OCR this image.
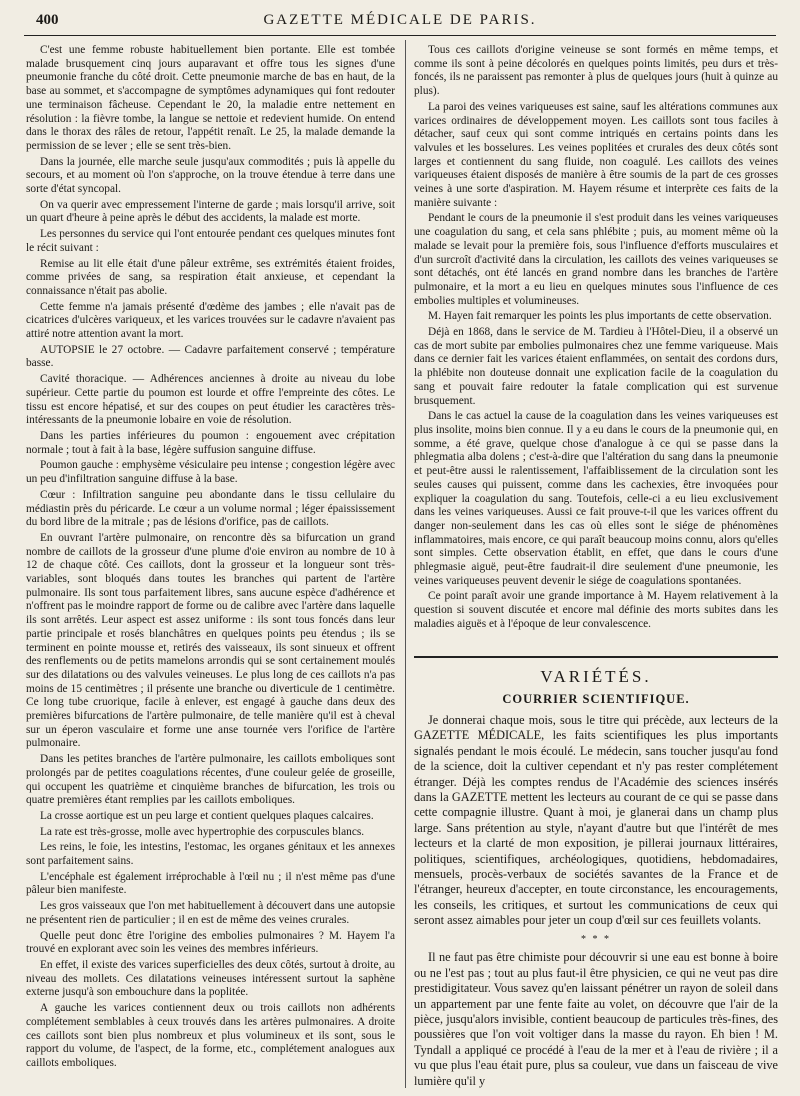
400	GAZETTE MÉDICALE DE PARIS.

C'est une femme robuste habituellement bien portante. Elle est tombée malade brusquement cinq jours auparavant et offre tous les signes d'une pneumonie franche du côté droit. Cette pneumonie marche de bas en haut, de la base au sommet, et s'accompagne de symptômes adynamiques qui font redouter une terminaison fâcheuse. Cependant le 20, la maladie entre nettement en résolution : la fièvre tombe, la langue se nettoie et redevient humide. On entend dans le thorax des râles de retour, l'appétit renaît. Le 25, la malade demande la permission de se lever ; elle se sent très-bien.

Dans la journée, elle marche seule jusqu'aux commodités ; puis là appelle du secours, et au moment où l'on s'approche, on la trouve étendue à terre dans une sorte d'état syncopal.

On va querir avec empressement l'interne de garde ; mais lorsqu'il arrive, soit un quart d'heure à peine après le début des accidents, la malade est morte.

Les personnes du service qui l'ont entourée pendant ces quelques minutes font le récit suivant :

Remise au lit elle était d'une pâleur extrême, ses extrémités étaient froides, comme privées de sang, sa respiration était anxieuse, et cependant la connaissance n'était pas abolie.

Cette femme n'a jamais présenté d'œdème des jambes ; elle n'avait pas de cicatrices d'ulcères variqueux, et les varices trouvées sur le cadavre n'avaient pas attiré notre attention avant la mort.

AUTOPSIE le 27 octobre. — Cadavre parfaitement conservé ; température basse.

Cavité thoracique. — Adhérences anciennes à droite au niveau du lobe supérieur. Cette partie du poumon est lourde et offre l'empreinte des côtes. Le tissu est encore hépatisé, et sur des coupes on peut étudier les caractères très-intéressants de la pneumonie lobaire en voie de résolution.

Dans les parties inférieures du poumon : engouement avec crépitation normale ; tout à fait à la base, légère suffusion sanguine diffuse.

Poumon gauche : emphysème vésiculaire peu intense ; congestion légère avec un peu d'infiltration sanguine diffuse à la base.

Cœur : Infiltration sanguine peu abondante dans le tissu cellulaire du médiastin près du péricarde. Le cœur a un volume normal ; léger épaississement du bord libre de la mitrale ; pas de lésions d'orifice, pas de caillots.

En ouvrant l'artère pulmonaire, on rencontre dès sa bifurcation un grand nombre de caillots de la grosseur d'une plume d'oie environ au nombre de 10 à 12 de chaque côté. Ces caillots, dont la grosseur et la longueur sont très-variables, sont bloqués dans toutes les branches qui partent de l'artère pulmonaire. Ils sont tous parfaitement libres, sans aucune espèce d'adhérence et n'offrent pas le moindre rapport de forme ou de calibre avec l'artère dans laquelle ils sont arrêtés. Leur aspect est assez uniforme : ils sont tous foncés dans leur partie principale et rosés blanchâtres en quelques points peu étendus ; ils se terminent en pointe mousse et, retirés des vaisseaux, ils sont sinueux et offrent des renflements ou de petits mamelons arrondis qui se sont certainement moulés sur des dilatations ou des valvules veineuses. Le plus long de ces caillots n'a pas moins de 15 centimètres ; il présente une branche ou diverticule de 1 centimètre. Ce long tube cruorique, facile à enlever, est engagé à gauche dans deux des premières bifurcations de l'artère pulmonaire, de telle manière qu'il est à cheval sur un éperon vasculaire et forme une anse tournée vers l'orifice de l'artère pulmonaire.

Dans les petites branches de l'artère pulmonaire, les caillots emboliques sont prolongés par de petites coagulations récentes, d'une couleur gelée de groseille, qui occupent les quatrième et cinquième branches de bifurcation, les trois ou quatre premières étant remplies par les caillots emboliques.

La crosse aortique est un peu large et contient quelques plaques calcaires.

La rate est très-grosse, molle avec hypertrophie des corpuscules blancs.

Les reins, le foie, les intestins, l'estomac, les organes génitaux et les annexes sont parfaitement sains.

L'encéphale est également irréprochable à l'œil nu ; il n'est même pas d'une pâleur bien manifeste.

Les gros vaisseaux que l'on met habituellement à découvert dans une autopsie ne présentent rien de particulier ; il en est de même des veines crurales.

Quelle peut donc être l'origine des embolies pulmonaires ? M. Hayem l'a trouvé en explorant avec soin les veines des membres inférieurs.

En effet, il existe des varices superficielles des deux côtés, surtout à droite, au niveau des mollets. Ces dilatations veineuses intéressent surtout la saphène externe jusqu'à son embouchure dans la poplitée.

A gauche les varices contiennent deux ou trois caillots non adhérents complétement semblables à ceux trouvés dans les artères pulmonaires. A droite ces caillots sont bien plus nombreux et plus volumineux et ils sont, sous le rapport du volume, de l'aspect, de la forme, etc., complétement analogues aux caillots emboliques.

Tous ces caillots d'origine veineuse se sont formés en même temps, et comme ils sont à peine décolorés en quelques points limités, peu durs et très-foncés, ils ne paraissent pas remonter à plus de quelques jours (huit à quinze au plus).

La paroi des veines variqueuses est saine, sauf les altérations communes aux varices ordinaires de développement moyen. Les caillots sont tous faciles à détacher, sauf ceux qui sont comme intriqués en certains points dans les valvules et les bosselures. Les veines poplitées et crurales des deux côtés sont larges et contiennent du sang fluide, non coagulé. Les caillots des veines variqueuses étaient disposés de manière à être soumis de la part de ces grosses veines à une sorte d'aspiration. M. Hayem résume et interprète ces faits de la manière suivante :

Pendant le cours de la pneumonie il s'est produit dans les veines variqueuses une coagulation du sang, et cela sans phlébite ; puis, au moment même où la malade se levait pour la première fois, sous l'influence d'efforts musculaires et d'un surcroît d'activité dans la circulation, les caillots des veines variqueuses se sont détachés, ont été lancés en grand nombre dans les branches de l'artère pulmonaire, et la mort a eu lieu en quelques minutes sous l'influence de ces embolies multiples et volumineuses.

M. Hayen fait remarquer les points les plus importants de cette observation.

Déjà en 1868, dans le service de M. Tardieu à l'Hôtel-Dieu, il a observé un cas de mort subite par embolies pulmonaires chez une femme variqueuse. Mais dans ce dernier fait les varices étaient enflammées, on sentait des cordons durs, la phlébite non douteuse donnait une explication facile de la coagulation du sang et pouvait faire redouter la fatale complication qui est survenue brusquement.

Dans le cas actuel la cause de la coagulation dans les veines variqueuses est plus insolite, moins bien connue. Il y a eu dans le cours de la pneumonie qui, en somme, a été grave, quelque chose d'analogue à ce qui se passe dans la phlegmatia alba dolens ; c'est-à-dire que l'altération du sang dans la pneumonie et peut-être aussi le ralentissement, l'affaiblissement de la circulation sont les seules causes qui puissent, comme dans les cachexies, être invoquées pour expliquer la coagulation du sang. Toutefois, celle-ci a eu lieu exclusivement dans les veines variqueuses. Aussi ce fait prouve-t-il que les varices offrent du danger non-seulement dans les cas où elles sont le siége de phénomènes inflammatoires, mais encore, ce qui paraît beaucoup moins connu, alors qu'elles sont simples. Cette observation établit, en effet, que dans le cours d'une phlegmasie aiguë, peut-être faudrait-il dire seulement d'une pneumonie, les veines variqueuses peuvent devenir le siége de coagulations spontanées.

Ce point paraît avoir une grande importance à M. Hayem relativement à la question si souvent discutée et encore mal définie des morts subites dans les maladies aiguës et à l'époque de leur convalescence.

VARIÉTÉS.
COURRIER SCIENTIFIQUE.

Je donnerai chaque mois, sous le titre qui précède, aux lecteurs de la GAZETTE MÉDICALE, les faits scientifiques les plus importants signalés pendant le mois écoulé. Le médecin, sans toucher jusqu'au fond de la science, doit la cultiver cependant et n'y pas rester complétement étranger. Déjà les comptes rendus de l'Académie des sciences insérés dans la GAZETTE mettent les lecteurs au courant de ce qui se passe dans cette compagnie illustre. Quant à moi, je glanerai dans un champ plus large. Sans prétention au style, n'ayant d'autre but que l'intérêt de mes lecteurs et la clarté de mon exposition, je pillerai journaux littéraires, politiques, scientifiques, archéologiques, quotidiens, hebdomadaires, mensuels, procès-verbaux de sociétés savantes de la France et de l'étranger, heureux d'accepter, en toute circonstance, les encouragements, les conseils, les critiques, et surtout les communications de ceux qui seront assez aimables pour jeter un coup d'œil sur ces feuillets volants.

* * *

Il ne faut pas être chimiste pour découvrir si une eau est bonne à boire ou ne l'est pas ; tout au plus faut-il être physicien, ce qui ne veut pas dire prestidigitateur. Vous savez qu'en laissant pénétrer un rayon de soleil dans un appartement par une fente faite au volet, on découvre que l'air de la pièce, jusqu'alors invisible, contient beaucoup de particules très-fines, des poussières que l'on voit voltiger dans la masse du rayon. Eh bien ! M. Tyndall a appliqué ce procédé à l'eau de la mer et à l'eau de rivière ; il a vu que plus l'eau était pure, plus sa couleur, vue dans un faisceau de vive lumière qu'il y
